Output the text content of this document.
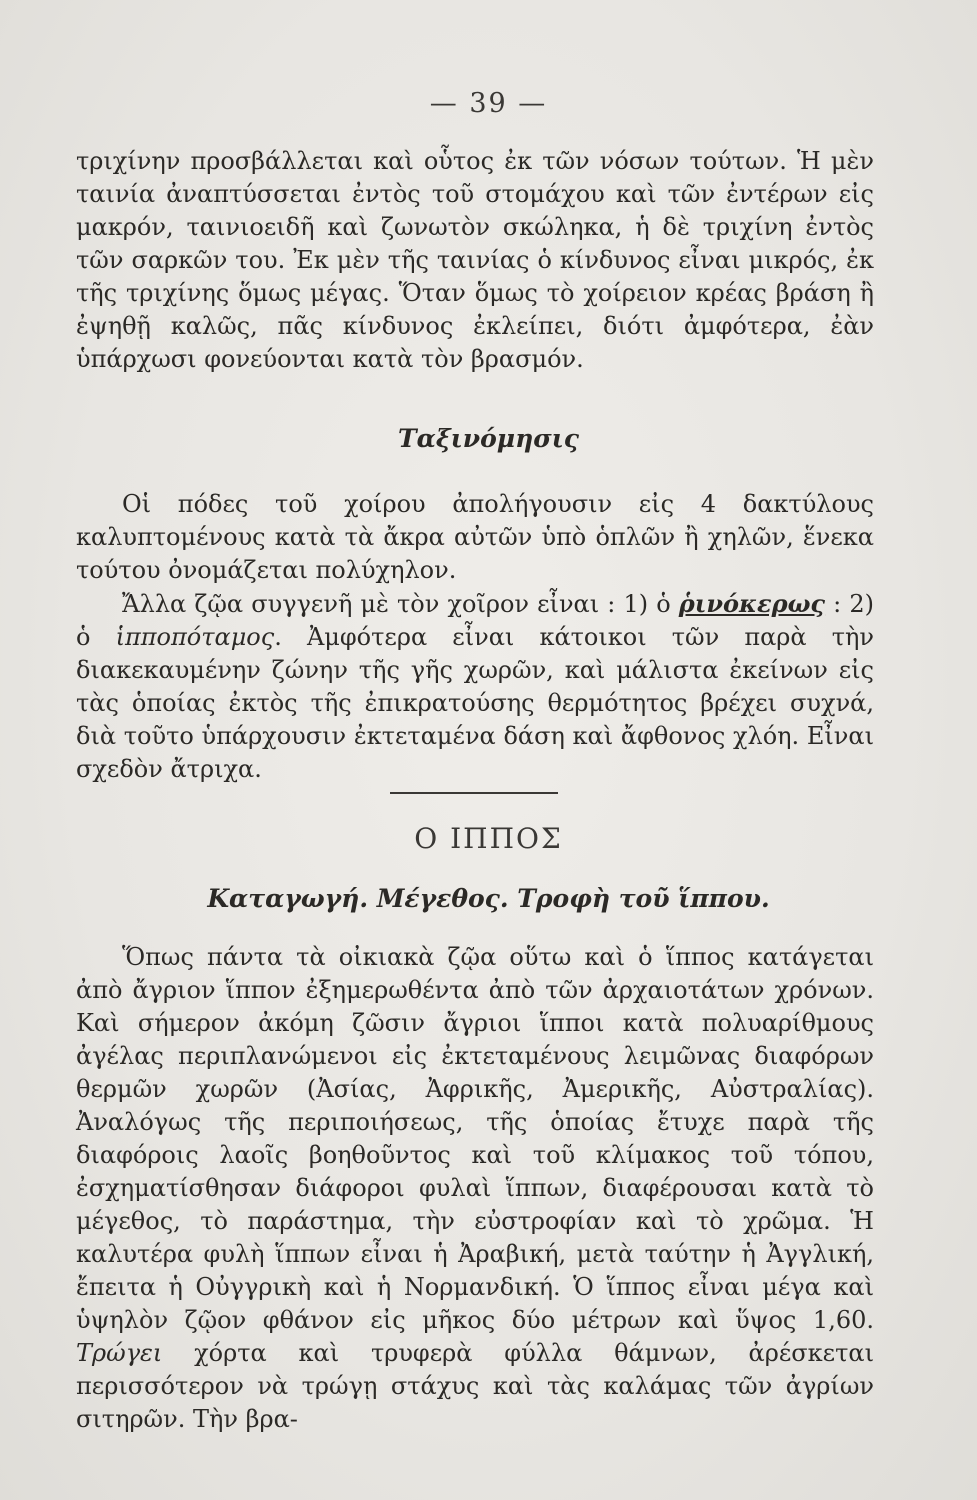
— 39 —

τριχίνην προσβάλλεται καὶ οὗτος ἐκ τῶν νόσων τούτων. Ἡ μὲν ταινία ἀναπτύσσεται ἐντὸς τοῦ στομάχου καὶ τῶν ἐντέρων εἰς μακρόν, ταινιοειδῆ καὶ ζωνωτὸν σκώληκα, ἡ δὲ τριχίνη ἐντὸς τῶν σαρκῶν του. Ἐκ μὲν τῆς ταινίας ὁ κίνδυνος εἶναι μικρός, ἐκ τῆς τριχίνης ὅμως μέγας. Ὅταν ὅμως τὸ χοίρειον κρέας βράση ἢ ἐψηθῇ καλῶς, πᾶς κίνδυνος ἐκλείπει, διότι ἀμφότερα, ἐὰν ὑπάρχωσι φονεύονται κατὰ τὸν βρασμόν.

Ταξινόμησις

Οἱ πόδες τοῦ χοίρου ἀπολήγουσιν εἰς 4 δακτύλους καλυπτομένους κατὰ τὰ ἄκρα αὐτῶν ὑπὸ ὁπλῶν ἢ χηλῶν, ἕνεκα τούτου ὀνομάζεται πολύχηλον.

Ἄλλα ζῷα συγγενῆ μὲ τὸν χοῖρον εἶναι : 1) ὁ ῥινόκερως : 2) ὁ ἱπποπόταμος. Ἀμφότερα εἶναι κάτοικοι τῶν παρὰ τὴν διακεκαυμένην ζώνην τῆς γῆς χωρῶν, καὶ μάλιστα ἐκείνων εἰς τὰς ὁποίας ἐκτὸς τῆς ἐπικρατούσης θερμότητος βρέχει συχνά, διὰ τοῦτο ὑπάρχουσιν ἐκτεταμένα δάση καὶ ἄφθονος χλόη. Εἶναι σχεδὸν ἄτριχα.

Ο ΙΠΠΟΣ
Καταγωγή. Μέγεθος. Τροφὴ τοῦ ἵππου.

Ὅπως πάντα τὰ οἰκιακὰ ζῷα οὕτω καὶ ὁ ἵππος κατάγεται ἀπὸ ἄγριον ἵππον ἐξημερωθέντα ἀπὸ τῶν ἀρχαιοτάτων χρόνων. Καὶ σήμερον ἀκόμη ζῶσιν ἄγριοι ἵπποι κατὰ πολυαρίθμους ἀγέλας περιπλανώμενοι εἰς ἐκτεταμένους λειμῶνας διαφόρων θερμῶν χωρῶν (Ἀσίας, Ἀφρικῆς, Ἀμερικῆς, Αὐστραλίας). Ἀναλόγως τῆς περιποιήσεως, τῆς ὁποίας ἔτυχε παρὰ τῆς διαφόροις λαοῖς βοηθοῦντος καὶ τοῦ κλίμακος τοῦ τόπου, ἐσχηματίσθησαν διάφοροι φυλαὶ ἵππων, διαφέρουσαι κατὰ τὸ μέγεθος, τὸ παράστημα, τὴν εὐστροφίαν καὶ τὸ χρῶμα. Ἡ καλυτέρα φυλὴ ἵππων εἶναι ἡ Ἀραβική, μετὰ ταύτην ἡ Ἀγγλική, ἔπειτα ἡ Οὐγγρικὴ καὶ ἡ Νορμανδική. Ὁ ἵππος εἶναι μέγα καὶ ὑψηλὸν ζῷον φθάνον εἰς μῆκος δύο μέτρων καὶ ὕψος 1,60. Τρώγει χόρτα καὶ τρυφερὰ φύλλα θάμνων, ἀρέσκεται περισσότερον νὰ τρώγῃ στάχυς καὶ τὰς καλάμας τῶν ἀγρίων σιτηρῶν. Τὴν βρα-
